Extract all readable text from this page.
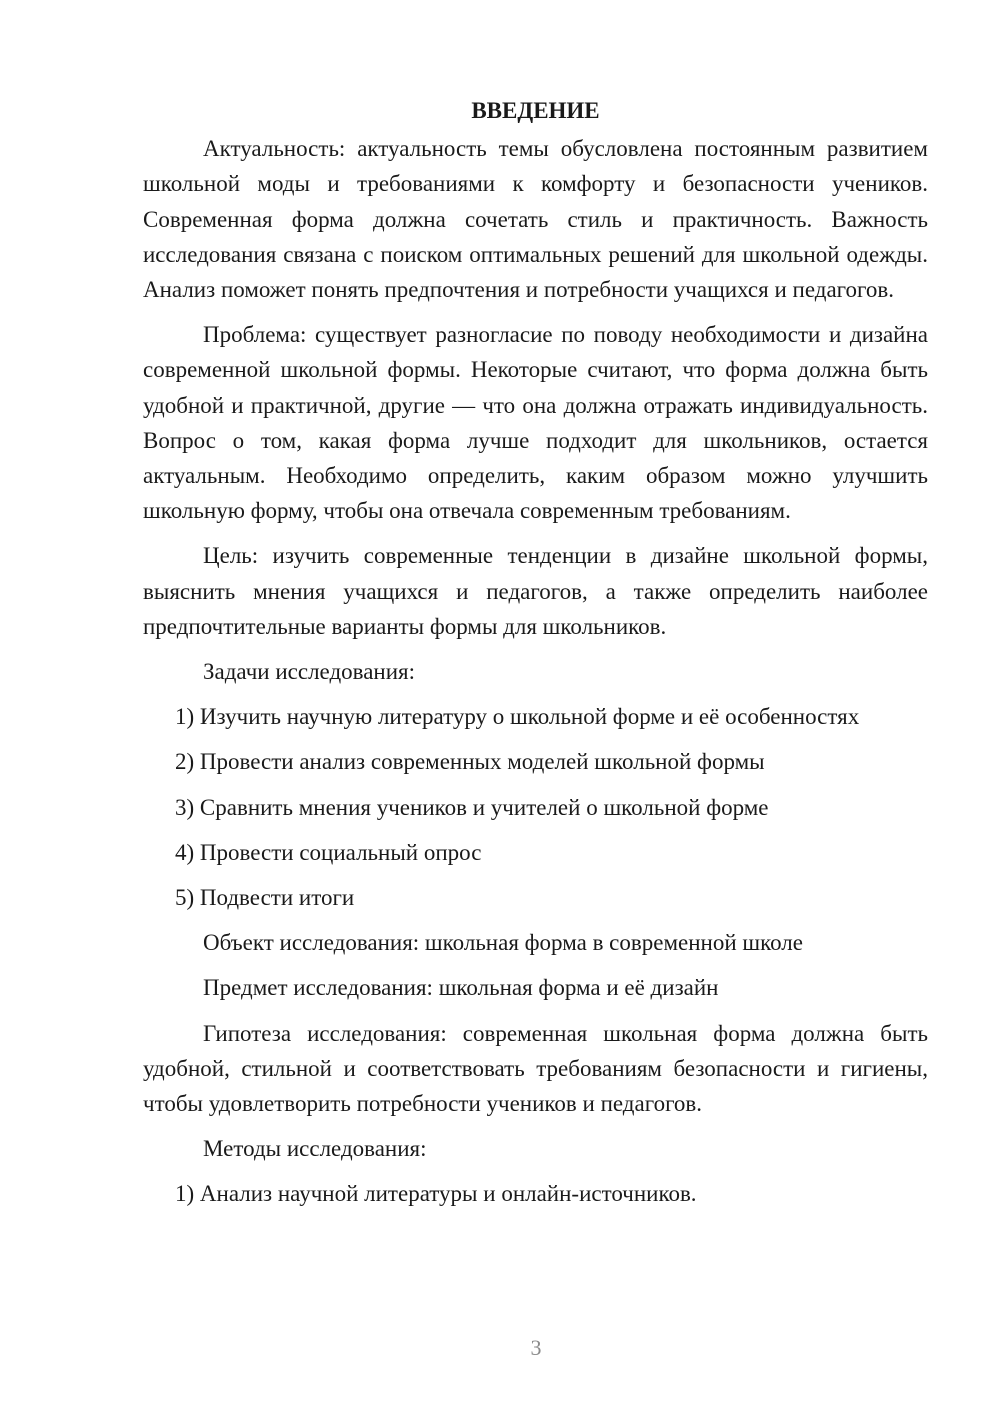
ВВЕДЕНИЕ

Актуальность: актуальность темы обусловлена постоянным развитием школьной моды и требованиями к комфорту и безопасности учеников. Современная форма должна сочетать стиль и практичность. Важность исследования связана с поиском оптимальных решений для школьной одежды. Анализ поможет понять предпочтения и потребности учащихся и педагогов.

Проблема: существует разногласие по поводу необходимости и дизайна современной школьной формы. Некоторые считают, что форма должна быть удобной и практичной, другие — что она должна отражать индивидуальность. Вопрос о том, какая форма лучше подходит для школьников, остается актуальным. Необходимо определить, каким образом можно улучшить школьную форму, чтобы она отвечала современным требованиям.

Цель: изучить современные тенденции в дизайне школьной формы, выяснить мнения учащихся и педагогов, а также определить наиболее предпочтительные варианты формы для школьников.

Задачи исследования:
1) Изучить научную литературу о школьной форме и её особенностях
2) Провести анализ современных моделей школьной формы
3) Сравнить мнения учеников и учителей о школьной форме
4) Провести социальный опрос
5) Подвести итоги
Объект исследования: школьная форма в современной школе
Предмет исследования: школьная форма и её дизайн

Гипотеза исследования: современная школьная форма должна быть удобной, стильной и соответствовать требованиям безопасности и гигиены, чтобы удовлетворить потребности учеников и педагогов.

Методы исследования:
1) Анализ научной литературы и онлайн-источников.
3
